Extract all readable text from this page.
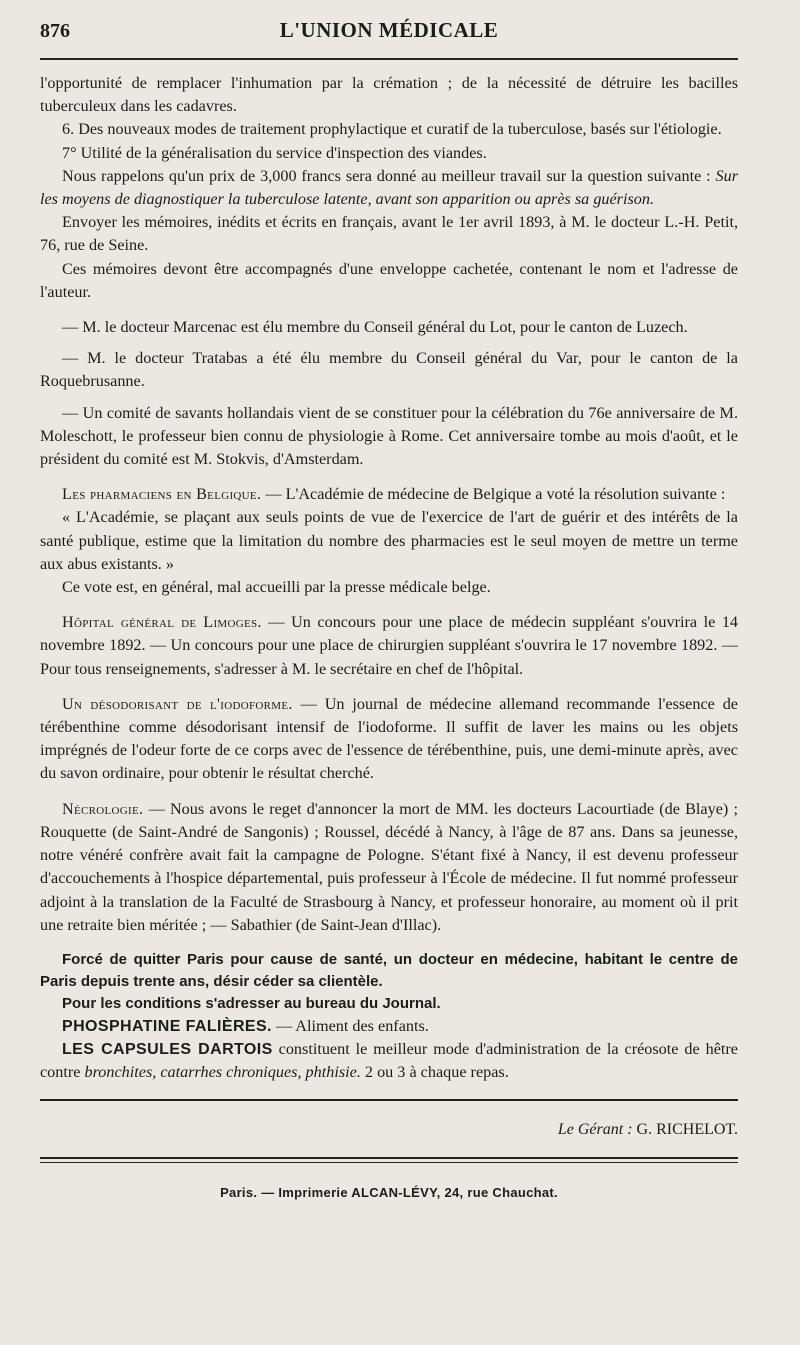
876	L'UNION MÉDICALE

l'opportunité de remplacer l'inhumation par la crémation ; de la nécessité de détruire les bacilles tuberculeux dans les cadavres.

6. Des nouveaux modes de traitement prophylactique et curatif de la tuberculose, basés sur l'étiologie.

7° Utilité de la généralisation du service d'inspection des viandes.

Nous rappelons qu'un prix de 3,000 francs sera donné au meilleur travail sur la question suivante : Sur les moyens de diagnostiquer la tuberculose latente, avant son apparition ou après sa guérison.

Envoyer les mémoires, inédits et écrits en français, avant le 1er avril 1893, à M. le docteur L.-H. Petit, 76, rue de Seine.

Ces mémoires devont être accompagnés d'une enveloppe cachetée, contenant le nom et l'adresse de l'auteur.

— M. le docteur Marcenac est élu membre du Conseil général du Lot, pour le canton de Luzech.

— M. le docteur Tratabas a été élu membre du Conseil général du Var, pour le canton de la Roquebrusanne.

— Un comité de savants hollandais vient de se constituer pour la célébration du 76e anniversaire de M. Moleschott, le professeur bien connu de physiologie à Rome. Cet anniversaire tombe au mois d'août, et le président du comité est M. Stokvis, d'Amsterdam.

Les pharmaciens en Belgique. — L'Académie de médecine de Belgique a voté la résolution suivante :

« L'Académie, se plaçant aux seuls points de vue de l'exercice de l'art de guérir et des intérêts de la santé publique, estime que la limitation du nombre des pharmacies est le seul moyen de mettre un terme aux abus existants. »

Ce vote est, en général, mal accueilli par la presse médicale belge.

Hôpital général de Limoges. — Un concours pour une place de médecin suppléant s'ouvrira le 14 novembre 1892. — Un concours pour une place de chirurgien suppléant s'ouvrira le 17 novembre 1892. — Pour tous renseignements, s'adresser à M. le secrétaire en chef de l'hôpital.

Un désodorisant de l'iodoforme. — Un journal de médecine allemand recommande l'essence de térébenthine comme désodorisant intensif de l'iodoforme. Il suffit de laver les mains ou les objets imprégnés de l'odeur forte de ce corps avec de l'essence de térébenthine, puis, une demi-minute après, avec du savon ordinaire, pour obtenir le résultat cherché.

Nécrologie. — Nous avons le reget d'annoncer la mort de MM. les docteurs Lacourtiade (de Blaye) ; Rouquette (de Saint-André de Sangonis) ; Roussel, décédé à Nancy, à l'âge de 87 ans. Dans sa jeunesse, notre vénéré confrère avait fait la campagne de Pologne. S'étant fixé à Nancy, il est devenu professeur d'accouchements à l'hospice départemental, puis professeur à l'École de médecine. Il fut nommé professeur adjoint à la translation de la Faculté de Strasbourg à Nancy, et professeur honoraire, au moment où il prit une retraite bien méritée ; — Sabathier (de Saint-Jean d'Illac).

Forcé de quitter Paris pour cause de santé, un docteur en médecine, habitant le centre de Paris depuis trente ans, désir céder sa clientèle.

Pour les conditions s'adresser au bureau du Journal.

PHOSPHATINE FALIÈRES. — Aliment des enfants.

LES CAPSULES DARTOIS constituent le meilleur mode d'administration de la créosote de hêtre contre bronchites, catarrhes chroniques, phthisie. 2 ou 3 à chaque repas.

Le Gérant : G. RICHELOT.
Paris. — Imprimerie ALCAN-LÉVY, 24, rue Chauchat.
